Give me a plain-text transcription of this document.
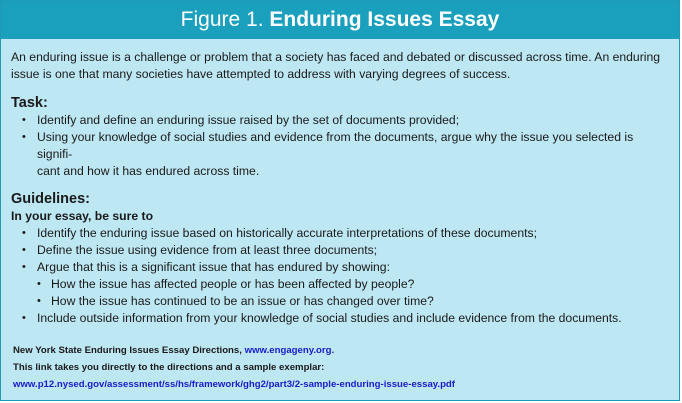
Figure 1. Enduring Issues Essay

An enduring issue is a challenge or problem that a society has faced and debated or discussed across time. An enduring issue is one that many societies have attempted to address with varying degrees of success.

Task:

• Identify and define an enduring issue raised by the set of documents provided;
• Using your knowledge of social studies and evidence from the documents, argue why the issue you selected is signifi-
cant and how it has endured across time.

Guidelines:

In your essay, be sure to

• Identify the enduring issue based on historically accurate interpretations of these documents;
• Define the issue using evidence from at least three documents;
• Argue that this is a significant issue that has endured by showing:
• How the issue has affected people or has been affected by people?
• How the issue has continued to be an issue or has changed over time?
• Include outside information from your knowledge of social studies and include evidence from the documents.
New York State Enduring Issues Essay Directions, www.engageny.org.
This link takes you directly to the directions and a sample exemplar:
www.p12.nysed.gov/assessment/ss/hs/framework/ghg2/part3/2-sample-enduring-issue-essay.pdf
